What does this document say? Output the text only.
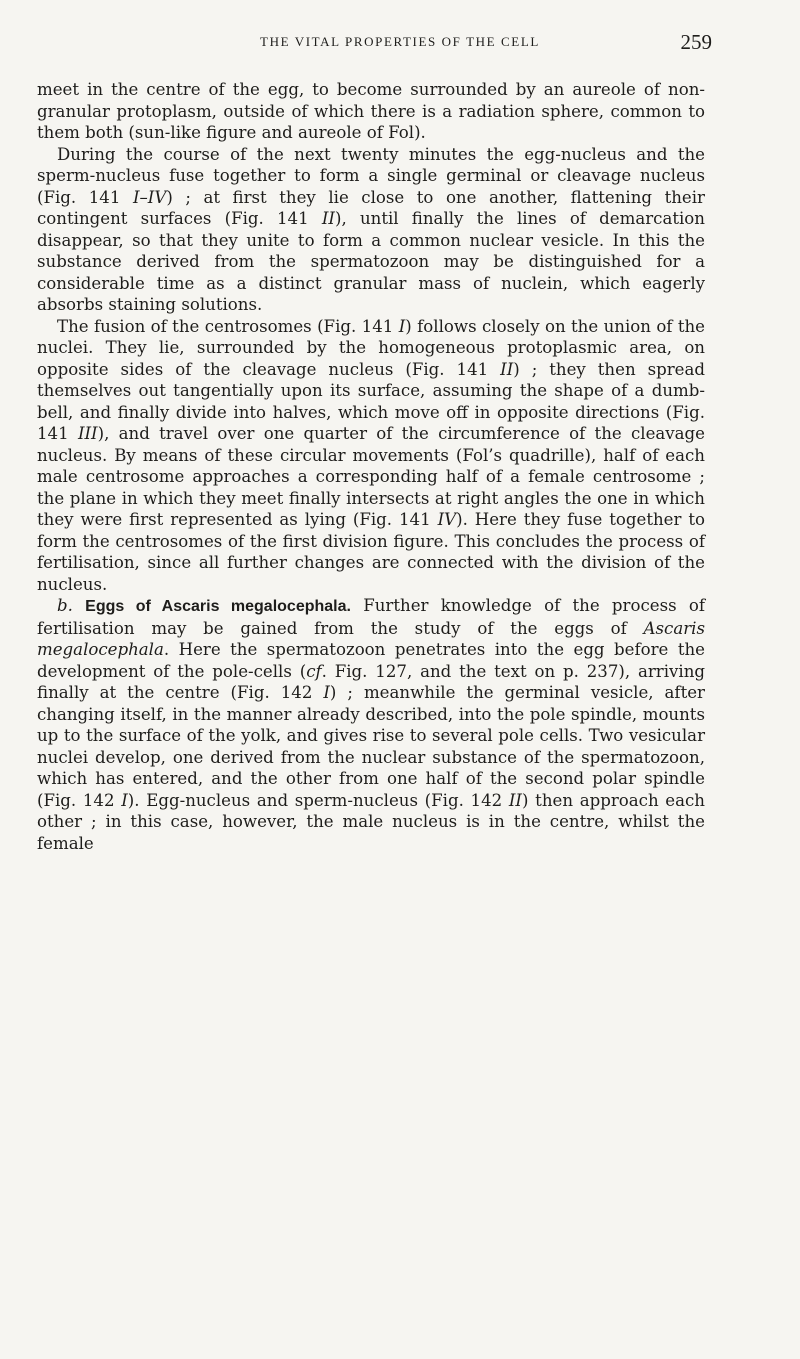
THE VITAL PROPERTIES OF THE CELL	259

meet in the centre of the egg, to become surrounded by an aureole of non-granular protoplasm, outside of which there is a radiation sphere, common to them both (sun-like figure and aureole of Fol).

During the course of the next twenty minutes the egg-nucleus and the sperm-nucleus fuse together to form a single germinal or cleavage nucleus (Fig. 141 I–IV) ; at first they lie close to one another, flattening their contingent surfaces (Fig. 141 II), until finally the lines of demarcation disappear, so that they unite to form a common nuclear vesicle. In this the substance derived from the spermatozoon may be distinguished for a considerable time as a distinct granular mass of nuclein, which eagerly absorbs staining solutions.

The fusion of the centrosomes (Fig. 141 I) follows closely on the union of the nuclei. They lie, surrounded by the homogeneous protoplasmic area, on opposite sides of the cleavage nucleus (Fig. 141 II) ; they then spread themselves out tangentially upon its surface, assuming the shape of a dumb-bell, and finally divide into halves, which move off in opposite directions (Fig. 141 III), and travel over one quarter of the circumference of the cleavage nucleus. By means of these circular movements (Fol’s quadrille), half of each male centrosome approaches a corresponding half of a female centrosome ; the plane in which they meet finally intersects at right angles the one in which they were first represented as lying (Fig. 141 IV). Here they fuse together to form the centrosomes of the first division figure. This concludes the process of fertilisation, since all further changes are connected with the division of the nucleus.

b. Eggs of Ascaris megalocephala. Further knowledge of the process of fertilisation may be gained from the study of the eggs of Ascaris megalocephala. Here the spermatozoon penetrates into the egg before the development of the pole-cells (cf. Fig. 127, and the text on p. 237), arriving finally at the centre (Fig. 142 I) ; meanwhile the germinal vesicle, after changing itself, in the manner already described, into the pole spindle, mounts up to the surface of the yolk, and gives rise to several pole cells. Two vesicular nuclei develop, one derived from the nuclear substance of the spermatozoon, which has entered, and the other from one half of the second polar spindle (Fig. 142 I). Egg-nucleus and sperm-nucleus (Fig. 142 II) then approach each other ; in this case, however, the male nucleus is in the centre, whilst the female
